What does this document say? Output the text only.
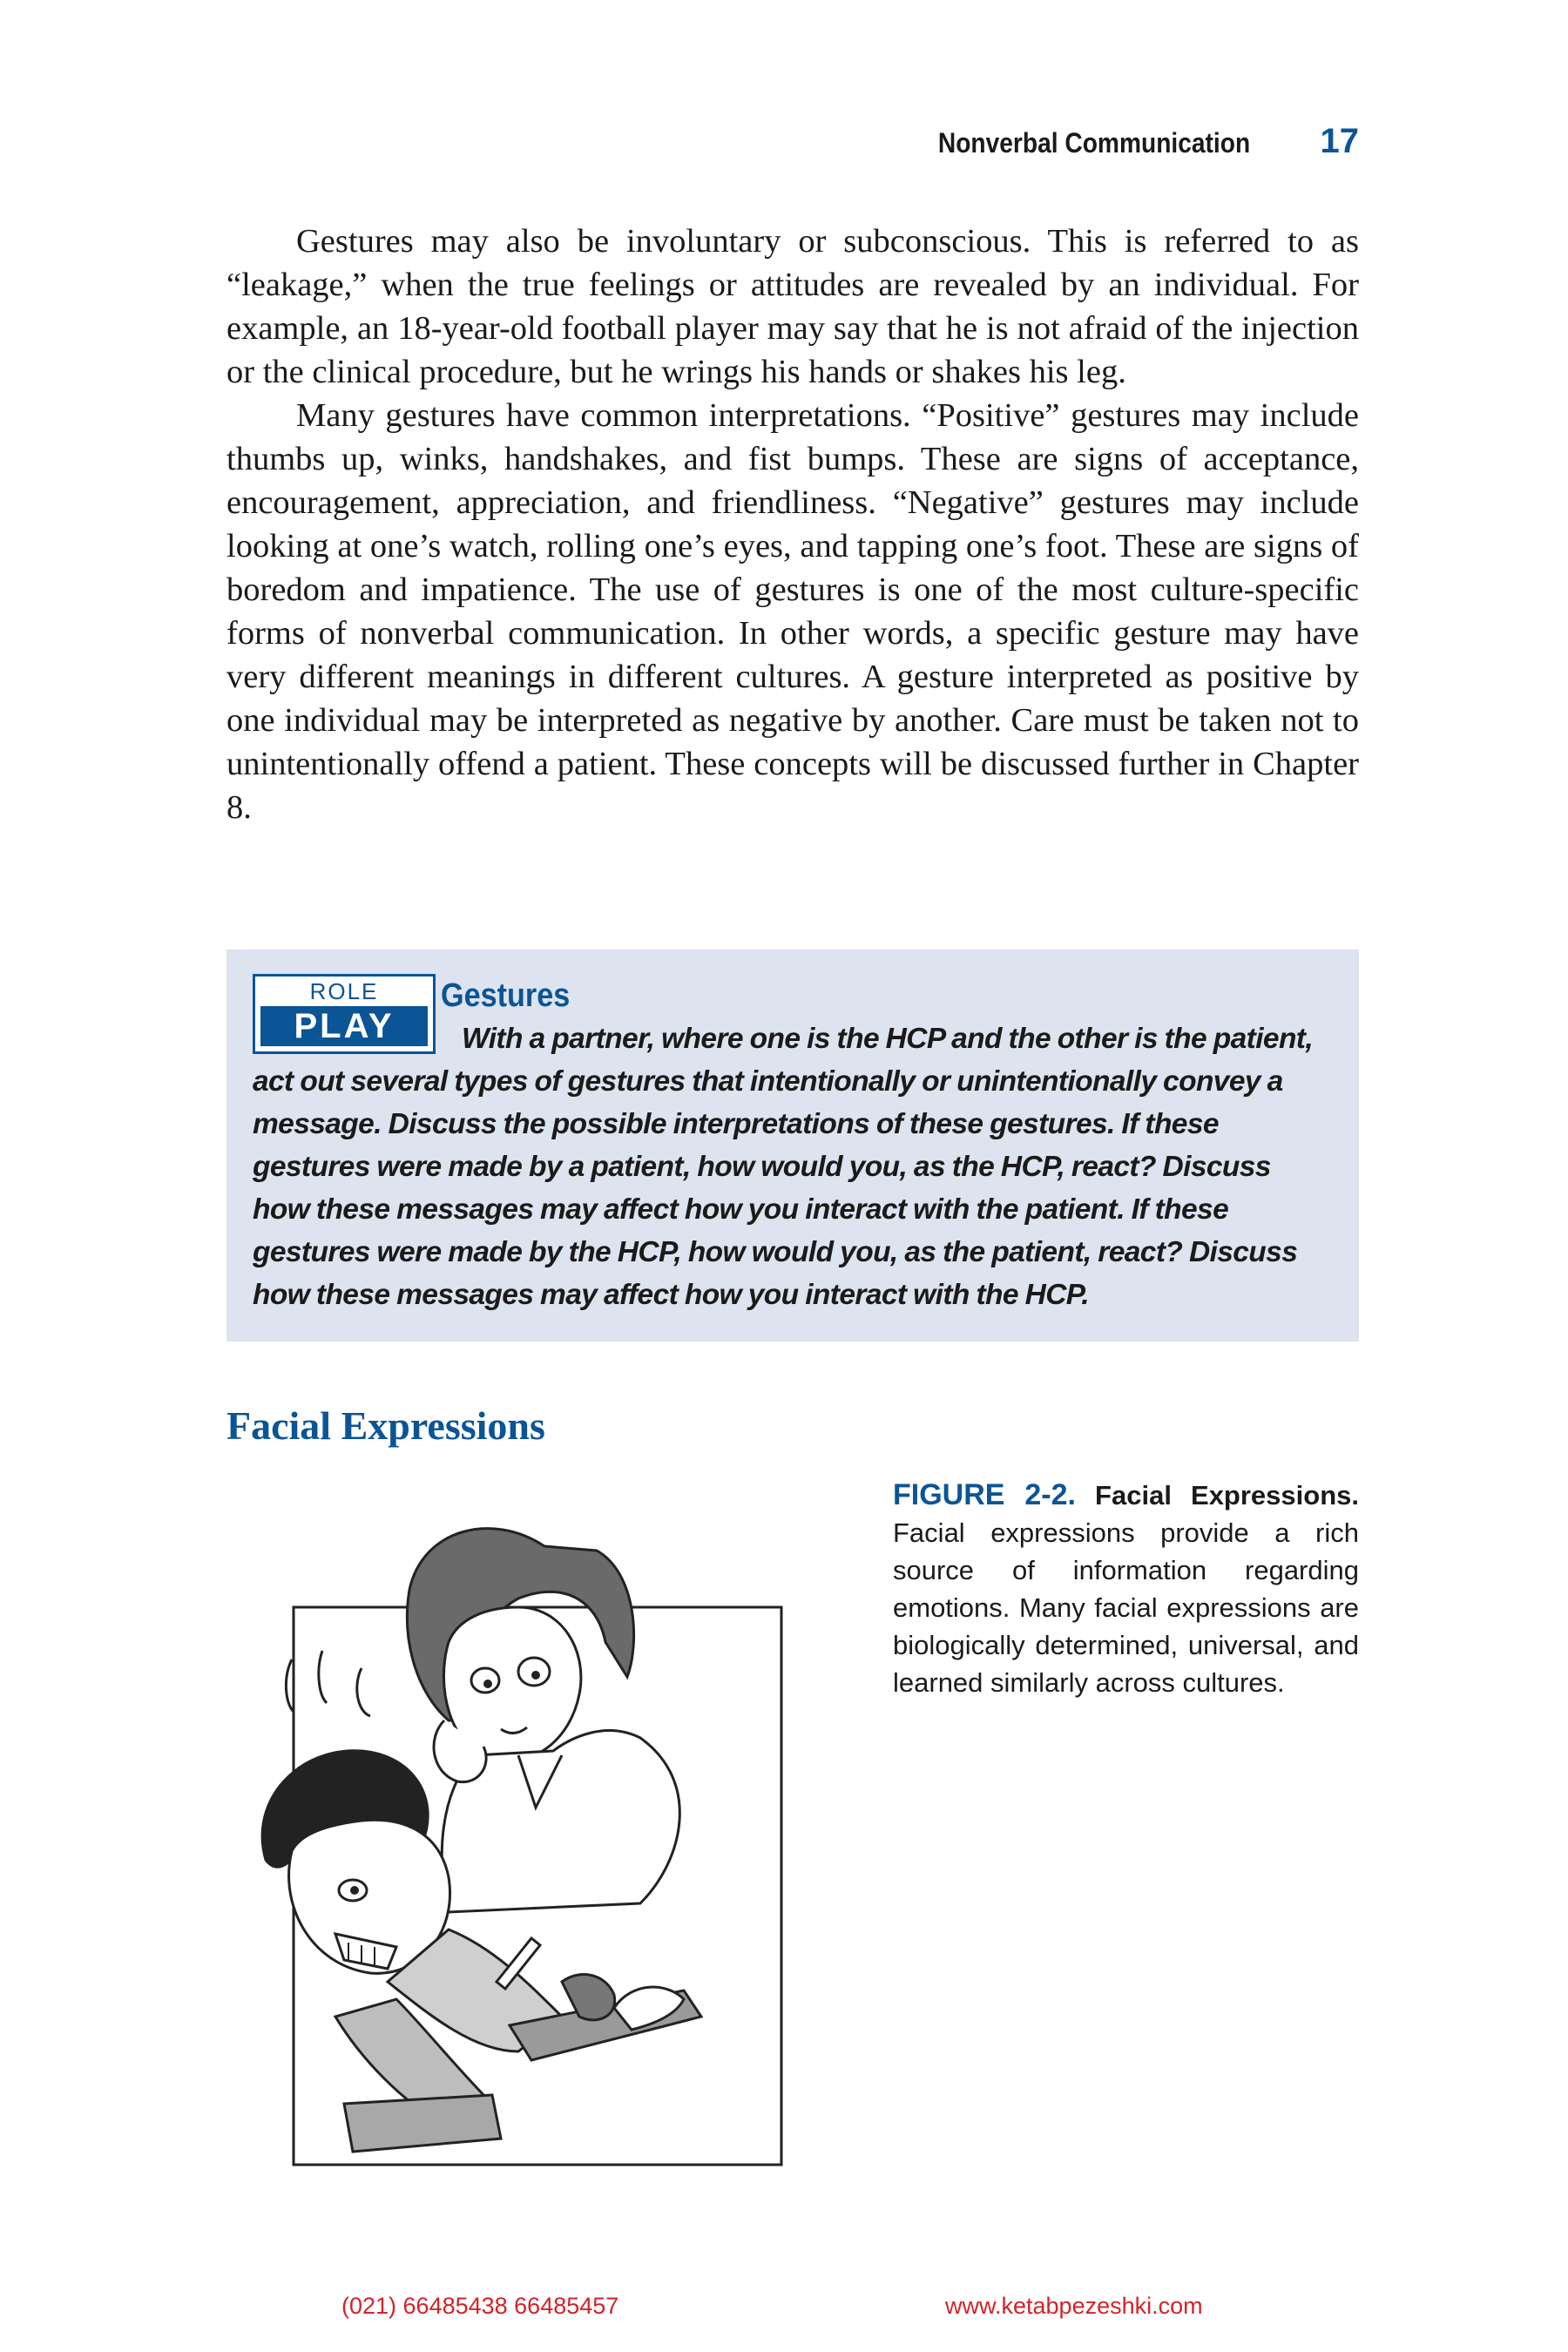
Nonverbal Communication 17

Gestures may also be involuntary or subconscious. This is referred to as “leakage,” when the true feelings or attitudes are revealed by an individual. For example, an 18-year-old football player may say that he is not afraid of the injection or the clinical procedure, but he wrings his hands or shakes his leg.

Many gestures have common interpretations. “Positive” gestures may include thumbs up, winks, handshakes, and fist bumps. These are signs of acceptance, encouragement, appreciation, and friendliness. “Negative” gestures may include looking at one’s watch, rolling one’s eyes, and tapping one’s foot. These are signs of boredom and impatience. The use of gestures is one of the most culture-specific forms of nonverbal communication. In other words, a specific gesture may have very different meanings in different cultures. A gesture interpreted as positive by one individual may be interpreted as negative by another. Care must be taken not to unintentionally offend a patient. These concepts will be discussed further in Chapter 8.

ROLE
PLAY
Gestures
With a partner, where one is the HCP and the other is the patient, act out several types of gestures that intentionally or unintentionally convey a message. Discuss the possible interpretations of these gestures. If these gestures were made by a patient, how would you, as the HCP, react? Discuss how these messages may affect how you interact with the patient. If these gestures were made by the HCP, how would you, as the patient, react? Discuss how these messages may affect how you interact with the HCP.
Facial Expressions
FIGURE 2-2. Facial Expressions. Facial expressions provide a rich source of information regarding emotions. Many facial expressions are biologically determined, universal, and learned similarly across cultures.
(021) 66485438 66485457	www.ketabpezeshki.com
